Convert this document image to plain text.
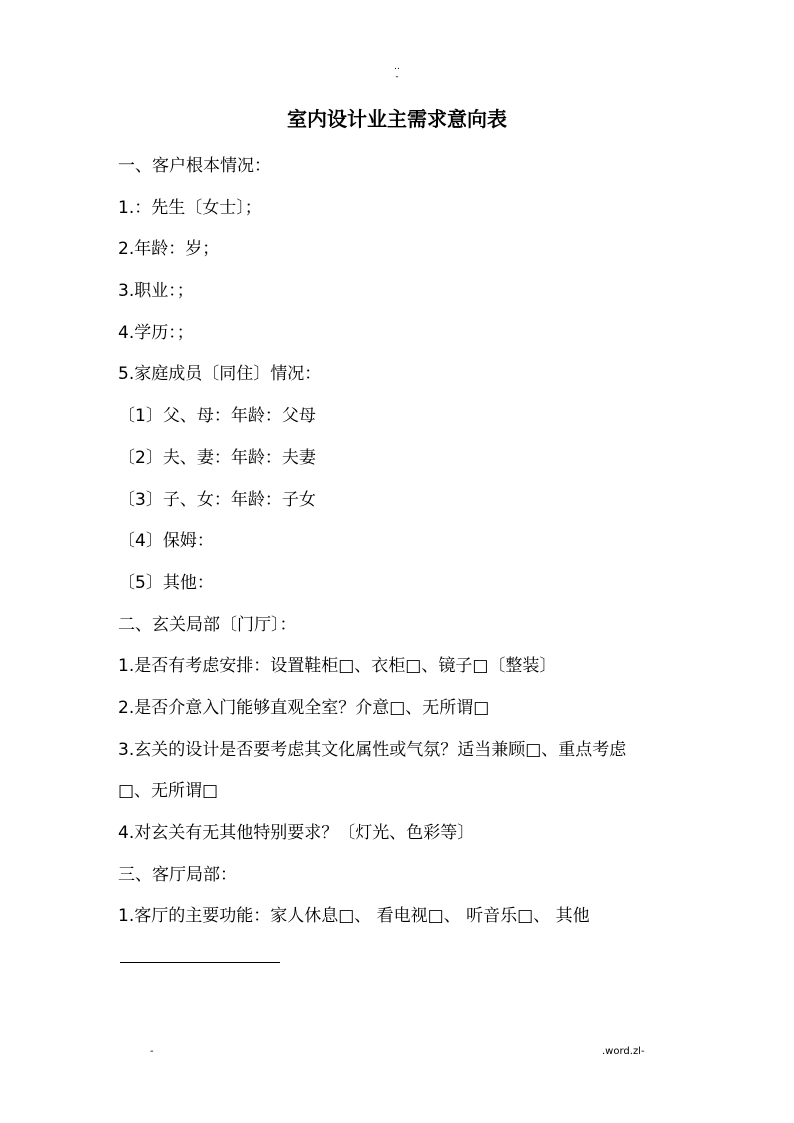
..
-
室内设计业主需求意向表
一、客户根本情况：
1.：先生〔女士〕；
2.年龄：岁；
3.职业：；
4.学历：；
5.家庭成员〔同住〕情况：
〔1〕父、母：年龄：父母
〔2〕夫、妻：年龄：夫妻
〔3〕子、女：年龄：子女
〔4〕保姆：
〔5〕其他：
二、玄关局部〔门厅〕：
1.是否有考虑安排：设置鞋柜□、衣柜□、镜子□〔整装〕
2.是否介意入门能够直观全室？介意□、无所谓□
3.玄关的设计是否要考虑其文化属性或气氛？适当兼顾□、重点考虑
□、无所谓□
4.对玄关有无其他特别要求？〔灯光、色彩等〕
三、客厅局部：
1.客厅的主要功能：家人休息□、 看电视□、 听音乐□、 其他
-	.word.zl-
